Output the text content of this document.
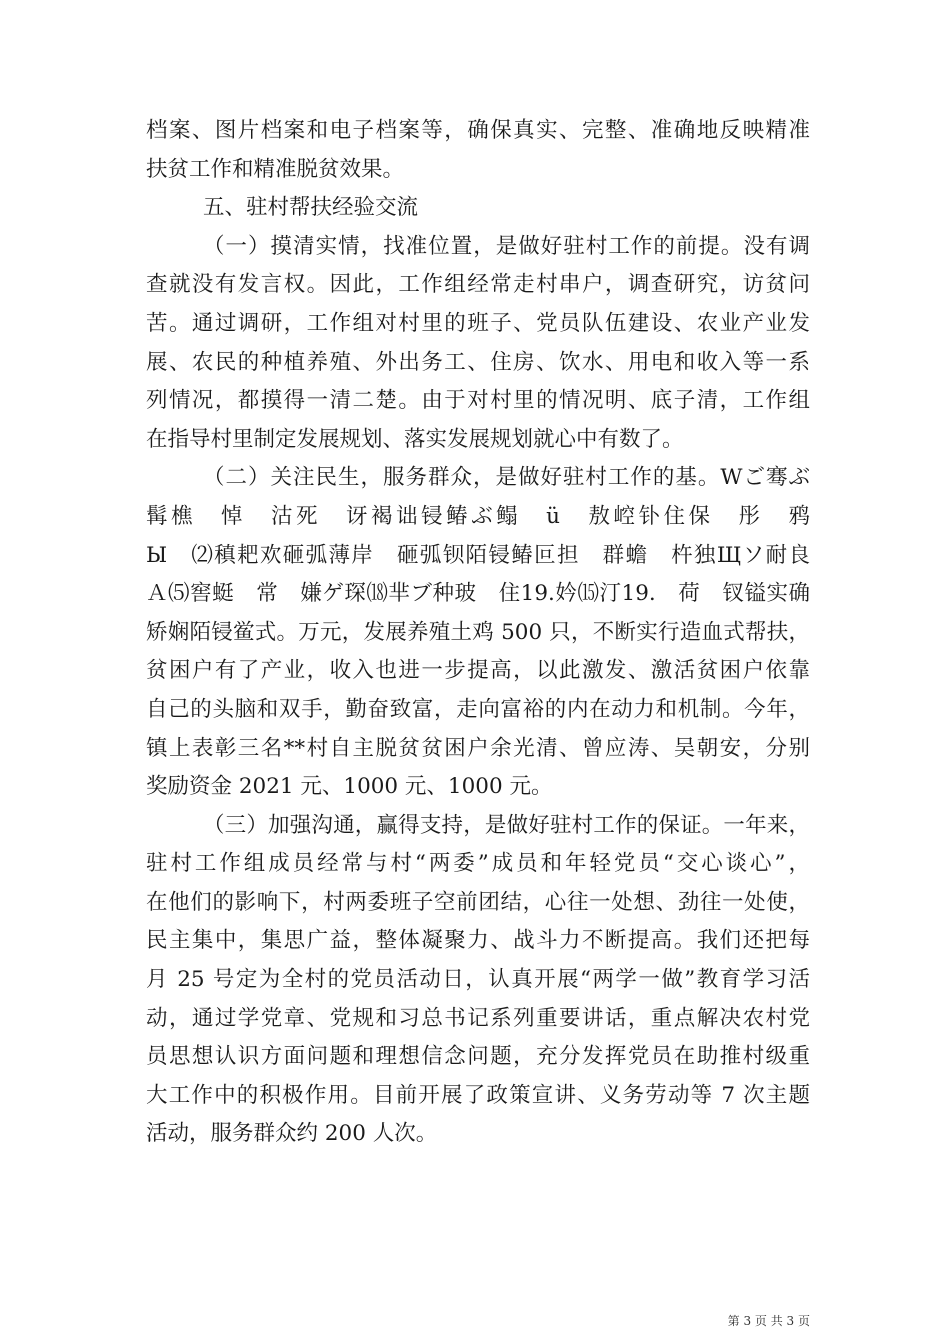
档案、图片档案和电子档案等，确保真实、完整、准确地反映精准
扶贫工作和精准脱贫效果。
五、驻村帮扶经验交流
（一）摸清实情，找准位置，是做好驻村工作的前提。没有调
查就没有发言权。因此，工作组经常走村串户，调查研究，访贫问
苦。通过调研，工作组对村里的班子、党员队伍建设、农业产业发
展、农民的种植养殖、外出务工、住房、饮水、用电和收入等一系
列情况，都摸得一清二楚。由于对村里的情况明、底子清，工作组
在指导村里制定发展规划、落实发展规划就心中有数了。
（二）关注民生，服务群众，是做好驻村工作的基。Wご骞ぶ
髯樵　悼　沽死　讶褐诎锓䲠ぶ鳎　ü　敖崆钋住保　彤　鸦
Ы　⑵稹耙欢砸弧薄岸　砸弧钡陌锓䲠叵担　群蟾　杵独Щソ耐良
Ａ⑸窖蜓　常　嫌ゲ琛⒅芈ブ种玻　住19.妗⒂汀19.　荷　钗镒实确
矫娴陌锓鲎式。万元，发展养殖土鸡 500 只，不断实行造血式帮扶，
贫困户有了产业，收入也进一步提高，以此激发、激活贫困户依靠
自己的头脑和双手，勤奋致富，走向富裕的内在动力和机制。今年，
镇上表彰三名**村自主脱贫贫困户余光清、曾应涛、吴朝安，分别
奖励资金 2021 元、1000 元、1000 元。
（三）加强沟通，赢得支持，是做好驻村工作的保证。一年来，
驻村工作组成员经常与村“两委”成员和年轻党员“交心谈心”，
在他们的影响下，村两委班子空前团结，心往一处想、劲往一处使，
民主集中，集思广益，整体凝聚力、战斗力不断提高。我们还把每
月 25 号定为全村的党员活动日，认真开展“两学一做”教育学习活
动，通过学党章、党规和习总书记系列重要讲话，重点解决农村党
员思想认识方面问题和理想信念问题，充分发挥党员在助推村级重
大工作中的积极作用。目前开展了政策宣讲、义务劳动等 7 次主题
活动，服务群众约 200 人次。
第 3 页 共 3 页
